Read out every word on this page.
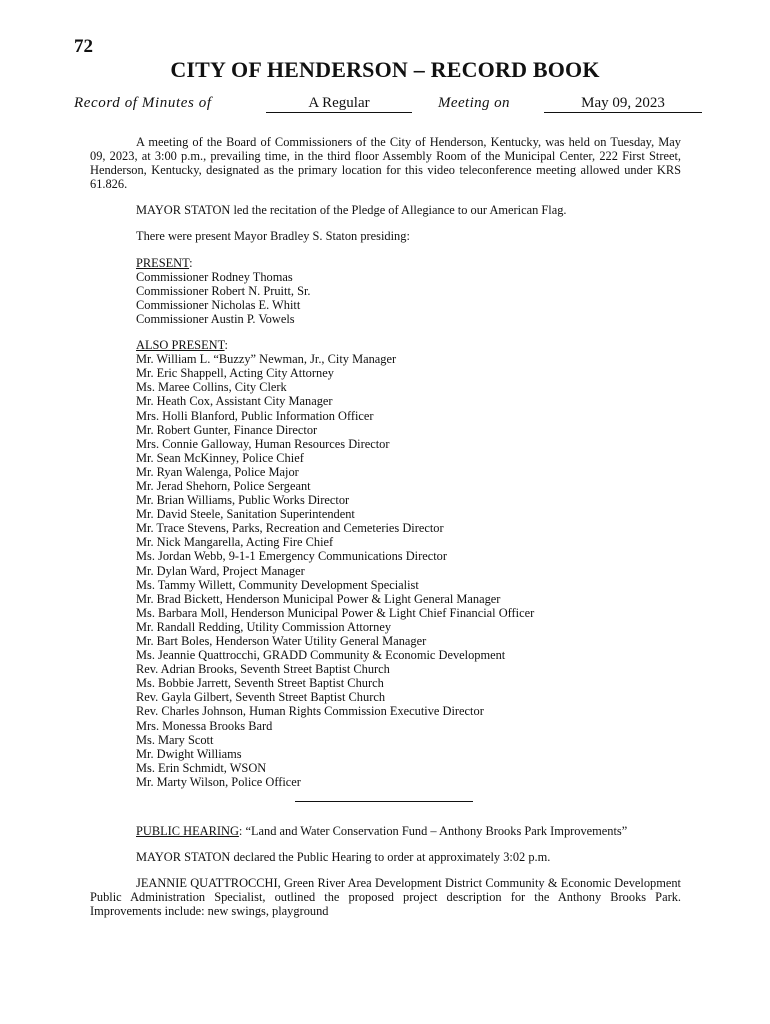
72
CITY OF HENDERSON – RECORD BOOK
Record of Minutes of	A Regular	Meeting on	May 09, 2023

A meeting of the Board of Commissioners of the City of Henderson, Kentucky, was held on Tuesday, May 09, 2023, at 3:00 p.m., prevailing time, in the third floor Assembly Room of the Municipal Center, 222 First Street, Henderson, Kentucky, designated as the primary location for this video teleconference meeting allowed under KRS 61.826.

MAYOR STATON led the recitation of the Pledge of Allegiance to our American Flag.

There were present Mayor Bradley S. Staton presiding:

PRESENT:
Commissioner Rodney Thomas
Commissioner Robert N. Pruitt, Sr.
Commissioner Nicholas E. Whitt
Commissioner Austin P. Vowels
ALSO PRESENT:
Mr. William L. “Buzzy” Newman, Jr., City Manager
Mr. Eric Shappell, Acting City Attorney
Ms. Maree Collins, City Clerk
Mr. Heath Cox, Assistant City Manager
Mrs. Holli Blanford, Public Information Officer
Mr. Robert Gunter, Finance Director
Mrs. Connie Galloway, Human Resources Director
Mr. Sean McKinney, Police Chief
Mr. Ryan Walenga, Police Major
Mr. Jerad Shehorn, Police Sergeant
Mr. Brian Williams, Public Works Director
Mr. David Steele, Sanitation Superintendent
Mr. Trace Stevens, Parks, Recreation and Cemeteries Director
Mr. Nick Mangarella, Acting Fire Chief
Ms. Jordan Webb, 9-1-1 Emergency Communications Director
Mr. Dylan Ward, Project Manager
Ms. Tammy Willett, Community Development Specialist
Mr. Brad Bickett, Henderson Municipal Power & Light General Manager
Ms. Barbara Moll, Henderson Municipal Power & Light Chief Financial Officer
Mr. Randall Redding, Utility Commission Attorney
Mr. Bart Boles, Henderson Water Utility General Manager
Ms. Jeannie Quattrocchi, GRADD Community & Economic Development
Rev. Adrian Brooks, Seventh Street Baptist Church
Ms. Bobbie Jarrett, Seventh Street Baptist Church
Rev. Gayla Gilbert, Seventh Street Baptist Church
Rev. Charles Johnson, Human Rights Commission Executive Director
Mrs. Monessa Brooks Bard
Ms. Mary Scott
Mr. Dwight Williams
Ms. Erin Schmidt, WSON
Mr. Marty Wilson, Police Officer

PUBLIC HEARING: “Land and Water Conservation Fund – Anthony Brooks Park Improvements”

MAYOR STATON declared the Public Hearing to order at approximately 3:02 p.m.

JEANNIE QUATTROCCHI, Green River Area Development District Community & Economic Development Public Administration Specialist, outlined the proposed project description for the Anthony Brooks Park. Improvements include: new swings, playground
